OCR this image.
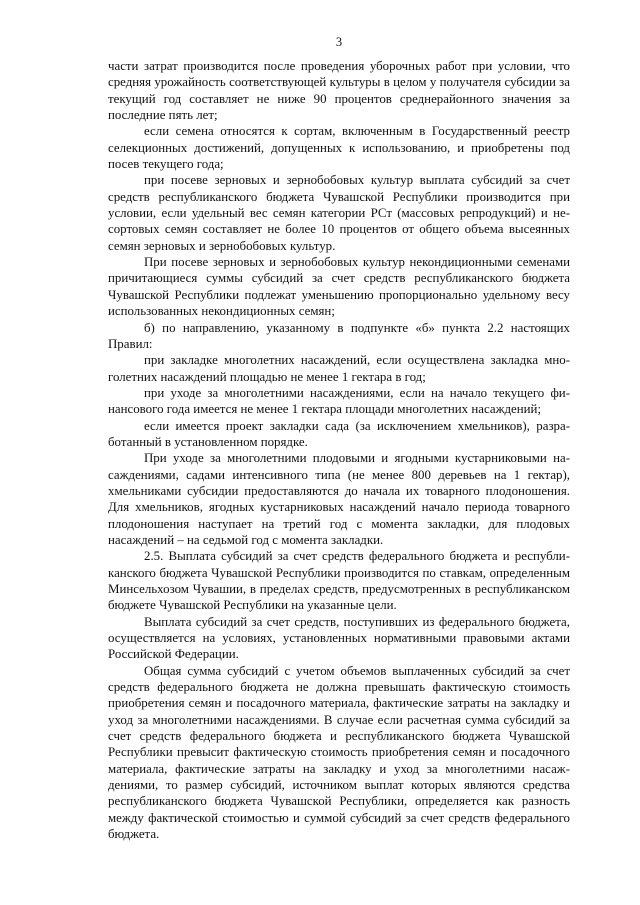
3

части затрат производится после проведения уборочных работ при условии, что средняя урожайность соответствующей культуры в целом у получателя субсидии за текущий год составляет не ниже 90 процентов среднерайонного значения за последние пять лет;

если семена относятся к сортам, включенным в Государственный реестр селекционных достижений, допущенных к использованию, и приобретены под посев текущего года;

при посеве зерновых и зернобобовых культур выплата субсидий за счет средств республиканского бюджета Чувашской Республики производится при условии, если удельный вес семян категории РСт (массовых репродукций) и несортовых семян составляет не более 10 процентов от общего объема высеянных семян зерновых и зернобобовых культур.

При посеве зерновых и зернобобовых культур некондиционными семенами причитающиеся суммы субсидий за счет средств республиканского бюджета Чувашской Республики подлежат уменьшению пропорционально удельному весу использованных некондиционных семян;

б) по направлению, указанному в подпункте «б» пункта 2.2 настоящих Правил:

при закладке многолетних насаждений, если осуществлена закладка многолетних насаждений площадью не менее 1 гектара в год;

при уходе за многолетними насаждениями, если на начало текущего финансового года имеется не менее 1 гектара площади многолетних насаждений;

если имеется проект закладки сада (за исключением хмельников), разработанный в установленном порядке.

При уходе за многолетними плодовыми и ягодными кустарниковыми насаждениями, садами интенсивного типа (не менее 800 деревьев на 1 гектар), хмельниками субсидии предоставляются до начала их товарного плодоношения. Для хмельников, ягодных кустарниковых насаждений начало периода товарного плодоношения наступает на третий год с момента закладки, для плодовых насаждений – на седьмой год с момента закладки.

2.5. Выплата субсидий за счет средств федерального бюджета и республиканского бюджета Чувашской Республики производится по ставкам, определенным Минсельхозом Чувашии, в пределах средств, предусмотренных в республиканском бюджете Чувашской Республики на указанные цели.

Выплата субсидий за счет средств, поступивших из федерального бюджета, осуществляется на условиях, установленных нормативными правовыми актами Российской Федерации.

Общая сумма субсидий с учетом объемов выплаченных субсидий за счет средств федерального бюджета не должна превышать фактическую стоимость приобретения семян и посадочного материала, фактические затраты на закладку и уход за многолетними насаждениями. В случае если расчетная сумма субсидий за счет средств федерального бюджета и республиканского бюджета Чувашской Республики превысит фактическую стоимость приобретения семян и посадочного материала, фактические затраты на закладку и уход за многолетними насаждениями, то размер субсидий, источником выплат которых являются средства республиканского бюджета Чувашской Республики, определяется как разность между фактической стоимостью и суммой субсидий за счет средств федерального бюджета.
